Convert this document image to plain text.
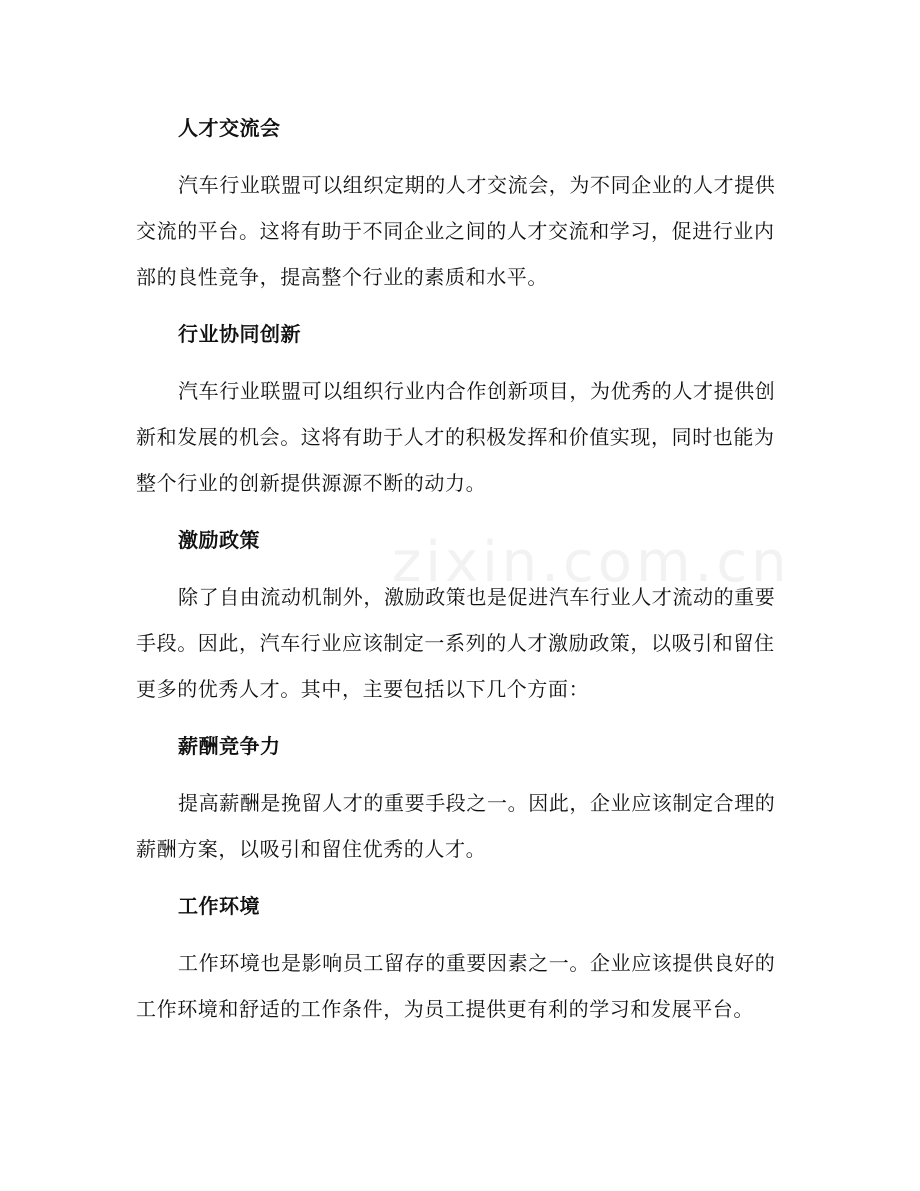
zixin.com.cn
人才交流会

汽车行业联盟可以组织定期的人才交流会，为不同企业的人才提供交流的平台。这将有助于不同企业之间的人才交流和学习，促进行业内部的良性竞争，提高整个行业的素质和水平。

行业协同创新

汽车行业联盟可以组织行业内合作创新项目，为优秀的人才提供创新和发展的机会。这将有助于人才的积极发挥和价值实现，同时也能为整个行业的创新提供源源不断的动力。

激励政策

除了自由流动机制外，激励政策也是促进汽车行业人才流动的重要手段。因此，汽车行业应该制定一系列的人才激励政策，以吸引和留住更多的优秀人才。其中，主要包括以下几个方面：

薪酬竞争力

提高薪酬是挽留人才的重要手段之一。因此，企业应该制定合理的薪酬方案，以吸引和留住优秀的人才。

工作环境

工作环境也是影响员工留存的重要因素之一。企业应该提供良好的工作环境和舒适的工作条件，为员工提供更有利的学习和发展平台。
